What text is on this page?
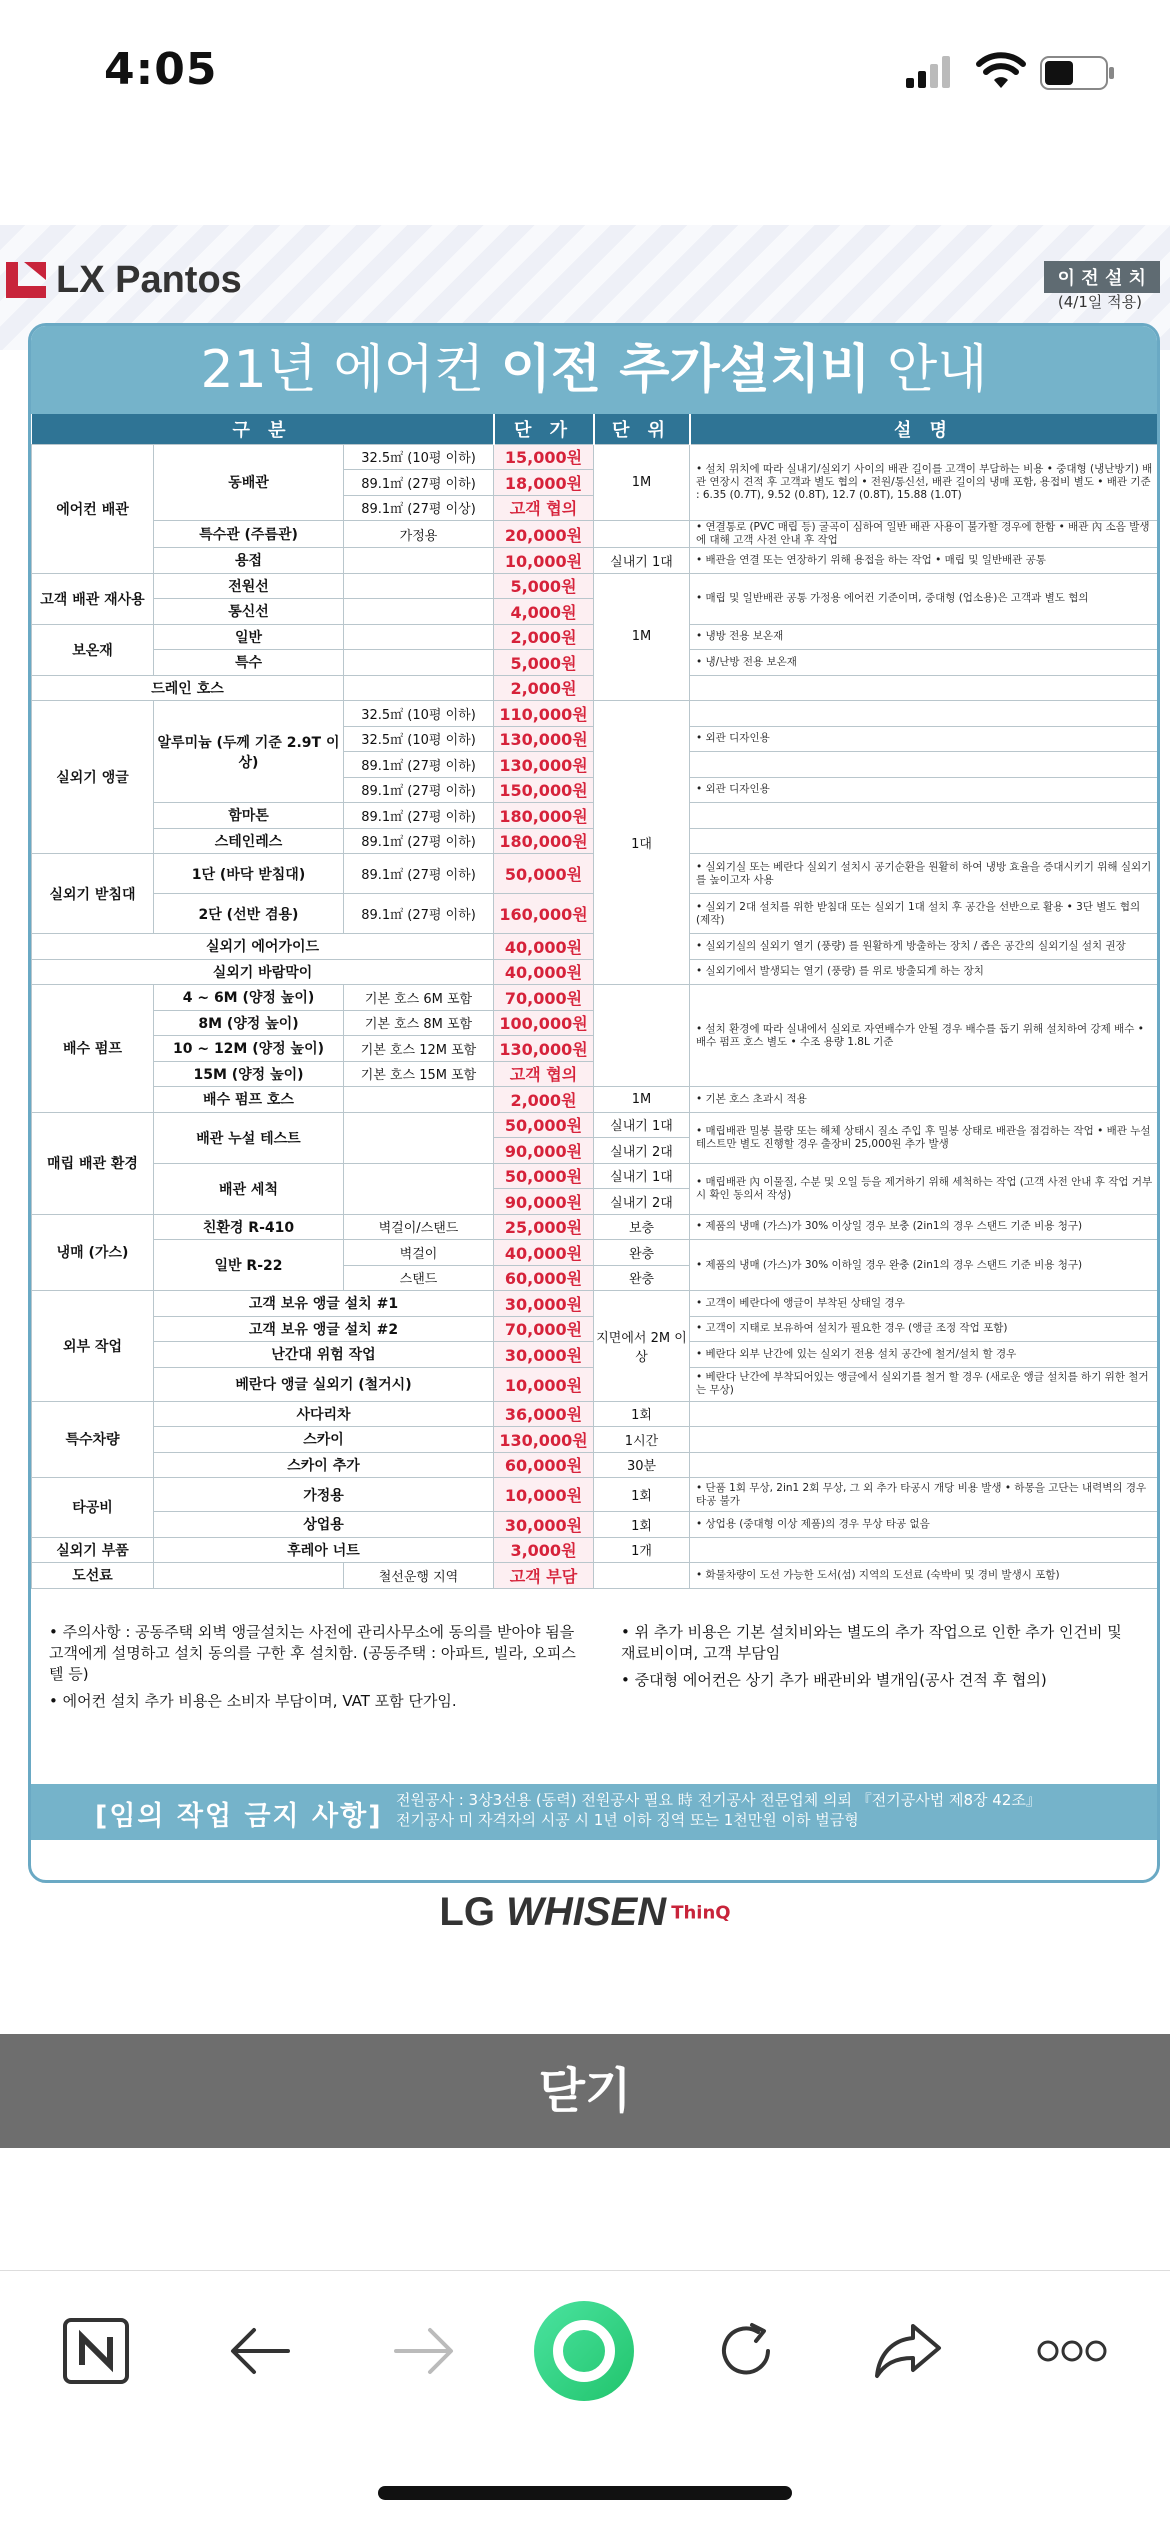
4:05
LX Pantos	이 전 설 치
(4/1일 적용)
21년 에어컨 이전 추가설치비 안내
구 분			단 가	단 위	설 명
에어컨 배관	동배관	32.5㎡ (10평 이하)	15,000원	1M	• 설치 위치에 따라 실내기/실외기 사이의 배관 길이를 고객이 부담하는 비용 • 중대형 (냉난방기) 배관 연장시 견적 후 고객과 별도 협의 • 전원/통신선, 배관 길이의 냉매 포함, 용접비 별도 • 배관 기준 : 6.35 (0.7T), 9.52 (0.8T), 12.7 (0.8T), 15.88 (1.0T)
		89.1㎡ (27평 이하)	18,000원		
		89.1㎡ (27평 이상)	고객 협의		
	특수관 (주름관)	가정용	20,000원		• 연결통로 (PVC 매립 등) 굴곡이 심하여 일반 배관 사용이 불가할 경우에 한함 • 배관 內 소음 발생에 대해 고객 사전 안내 후 작업
	용접		10,000원	실내기 1대	• 배관을 연결 또는 연장하기 위해 용접을 하는 작업 • 매립 및 일반배관 공통
고객 배관 재사용	전원선		5,000원	1M	• 매립 및 일반배관 공통 가정용 에어컨 기준이며, 중대형 (업소용)은 고객과 별도 협의
	통신선		4,000원		
보온재	일반		2,000원		• 냉방 전용 보온재
	특수		5,000원		• 냉/난방 전용 보온재
드레인 호스			2,000원		
실외기 앵글	알루미늄 (두께 기준 2.9T 이상)	32.5㎡ (10평 이하)	110,000원	1대	
		32.5㎡ (10평 이하)	130,000원		• 외관 디자인용
		89.1㎡ (27평 이하)	130,000원		
		89.1㎡ (27평 이하)	150,000원		• 외관 디자인용
	함마톤	89.1㎡ (27평 이하)	180,000원		
	스테인레스	89.1㎡ (27평 이하)	180,000원		
실외기 받침대	1단 (바닥 받침대)	89.1㎡ (27평 이하)	50,000원		• 실외기실 또는 베란다 실외기 설치시 공기순환을 원활히 하여 냉방 효율을 증대시키기 위해 실외기를 높이고자 사용
	2단 (선반 겸용)	89.1㎡ (27평 이하)	160,000원		• 실외기 2대 설치를 위한 받침대 또는 실외기 1대 설치 후 공간을 선반으로 활용 • 3단 별도 협의 (제작)
실외기 에어가이드			40,000원		• 실외기실의 실외기 열기 (풍량) 를 원활하게 방출하는 장치 / 좁은 공간의 실외기실 설치 권장
실외기 바람막이			40,000원		• 실외기에서 발생되는 열기 (풍량) 를 위로 방출되게 하는 장치
배수 펌프	4 ~ 6M (양정 높이)	기본 호스 6M 포함	70,000원		• 설치 환경에 따라 실내에서 실외로 자연배수가 안될 경우 배수를 돕기 위해 설치하여 강제 배수 • 배수 펌프 호스 별도 • 수조 용량 1.8L 기준
	8M (양정 높이)	기본 호스 8M 포함	100,000원		
	10 ~ 12M (양정 높이)	기본 호스 12M 포함	130,000원		
	15M (양정 높이)	기본 호스 15M 포함	고객 협의		
	배수 펌프 호스		2,000원	1M	• 기본 호스 초과시 적용
매립 배관 환경	배관 누설 테스트		50,000원	실내기 1대	• 매립배관 밀봉 불량 또는 해체 상태시 질소 주입 후 밀봉 상태로 배관을 점검하는 작업 • 배관 누설 테스트만 별도 진행할 경우 출장비 25,000원 추가 발생
			90,000원	실내기 2대	
	배관 세척		50,000원	실내기 1대	• 매립배관 內 이물질, 수분 및 오일 등을 제거하기 위해 세척하는 작업 (고객 사전 안내 후 작업 거부 시 확인 동의서 작성)
			90,000원	실내기 2대	
냉매 (가스)	친환경 R-410	벽걸이/스탠드	25,000원	보충	• 제품의 냉매 (가스)가 30% 이상일 경우 보충 (2in1의 경우 스탠드 기준 비용 청구)
	일반 R-22	벽걸이	40,000원	완충	• 제품의 냉매 (가스)가 30% 이하일 경우 완충 (2in1의 경우 스탠드 기준 비용 청구)
		스탠드	60,000원	완충	
외부 작업	고객 보유 앵글 설치 #1		30,000원	지면에서 2M 이상	• 고객이 베란다에 앵글이 부착된 상태일 경우
	고객 보유 앵글 설치 #2		70,000원		• 고객이 지태로 보유하여 설치가 필요한 경우 (앵글 조정 작업 포함)
	난간대 위험 작업		30,000원		• 베란다 외부 난간에 있는 실외기 전용 설치 공간에 철거/설치 할 경우
	베란다 앵글 실외기 (철거시)		10,000원		• 베란다 난간에 부착되어있는 앵글에서 실외기를 철거 할 경우 (새로운 앵글 설치를 하기 위한 철거는 무상)
특수차량	사다리차		36,000원	1회	
	스카이		130,000원	1시간	
	스카이 추가		60,000원	30분	
타공비	가정용		10,000원	1회	• 단품 1회 무상, 2in1 2회 무상, 그 외 추가 타공시 개당 비용 발생 • 하몽을 고단는 내력벽의 경우 타공 불가
	상업용		30,000원	1회	• 상업용 (중대형 이상 제품)의 경우 무상 타공 없음
실외기 부품	후레아 너트		3,000원	1개	
도선료		철선운행 지역	고객 부담		• 화물차량이 도선 가능한 도서(섬) 지역의 도선료 (숙박비 및 경비 발생시 포함)

• 주의사항 : 공동주택 외벽 앵글설치는 사전에 관리사무소에 동의를 받아야 됨을 고객에게 설명하고 설치 동의를 구한 후 설치함. (공동주택 : 아파트, 빌라, 오피스텔 등)

• 에어컨 설치 추가 비용은 소비자 부담이며, VAT 포함 단가임.

• 위 추가 비용은 기본 설치비와는 별도의 추가 작업으로 인한 추가 인건비 및 재료비이며, 고객 부담임

• 중대형 에어컨은 상기 추가 배관비와 별개임(공사 견적 후 협의)

[임의 작업 금지 사항]
전원공사 : 3상3선용 (동력) 전원공사 필요 時 전기공사 전문업체 의뢰 『전기공사법 제8장 42조』
전기공사 미 자격자의 시공 시 1년 이하 징역 또는 1천만원 이하 벌금형
LG WHISEN ThinQ
닫기
